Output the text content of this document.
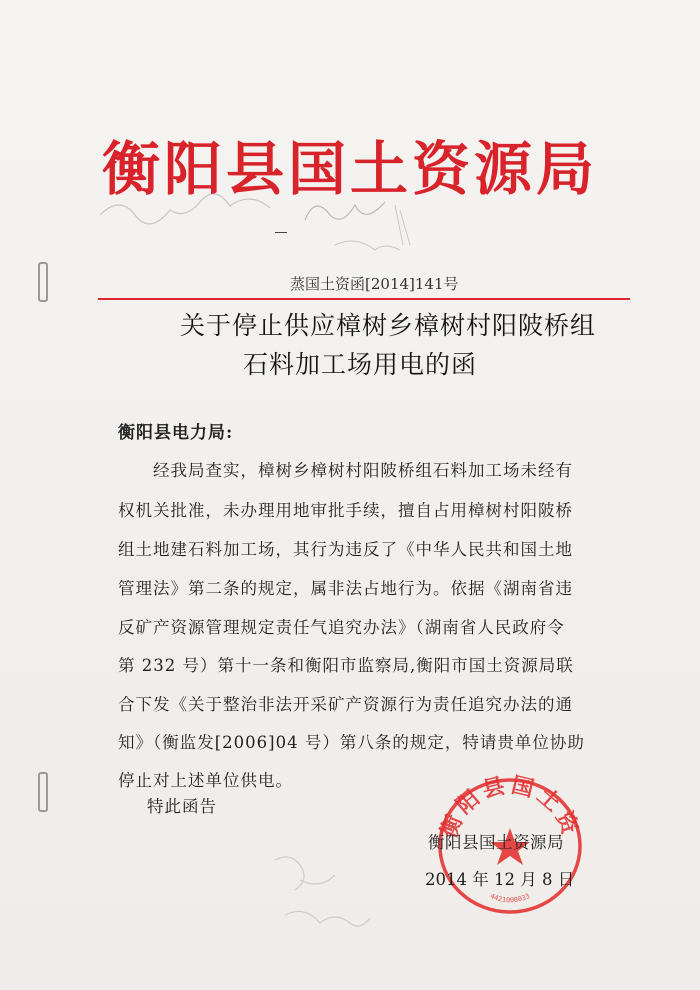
衡阳县国土资源局
蒸国土资函[2014]141号
关于停止供应樟树乡樟树村阳陂桥组
石料加工场用电的函
衡阳县电力局:
　　经我局查实，樟树乡樟树村阳陂桥组石料加工场未经有
权机关批准，未办理用地审批手续，擅自占用樟树村阳陂桥
组土地建石料加工场，其行为违反了《中华人民共和国土地
管理法》第二条的规定，属非法占地行为。依据《湖南省违
反矿产资源管理规定责任气追究办法》（湖南省人民政府令
第 232 号）第十一条和衡阳市监察局,衡阳市国土资源局联
合下发《关于整治非法开采矿产资源行为责任追究办法的通
知》（衡监发[2006]04 号）第八条的规定，特请贵单位协助
停止对上述单位供电。
特此函告
衡阳县国土资
4421000033
衡阳县国土资源局
2014 年 12 月 8 日
